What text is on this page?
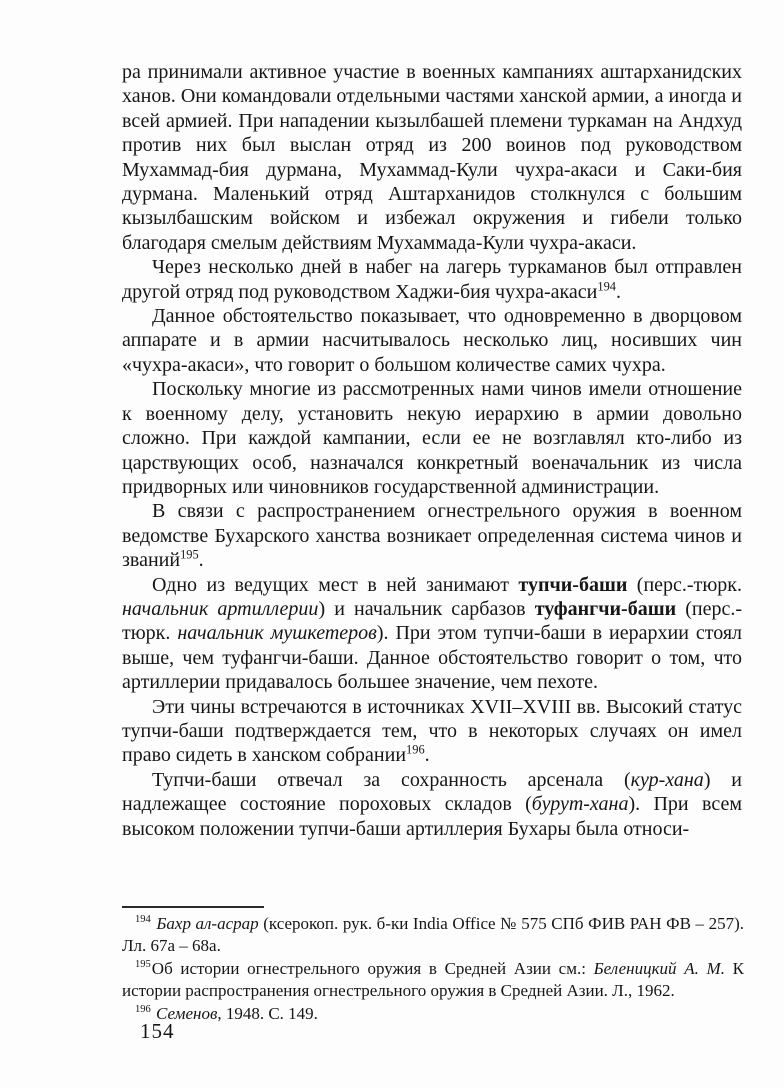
ра принимали активное участие в военных кампаниях аштарханидских ханов. Они командовали отдельными частями ханской армии, а иногда и всей армией. При нападении кызылбашей племени туркаман на Андхуд против них был выслан отряд из 200 воинов под руководством Мухаммад-бия дурмана, Мухаммад-Кули чухра-акаси и Саки-бия дурмана. Маленький отряд Аштарханидов столкнулся с большим кызылбашским войском и избежал окружения и гибели только благодаря смелым действиям Мухаммада-Кули чухра-акаси.

Через несколько дней в набег на лагерь туркаманов был отправлен другой отряд под руководством Хаджи-бия чухра-акаси$^{194}$.

Данное обстоятельство показывает, что одновременно в дворцовом аппарате и в армии насчитывалось несколько лиц, носивших чин «чухра-акаси», что говорит о большом количестве самих чухра.

Поскольку многие из рассмотренных нами чинов имели отношение к военному делу, установить некую иерархию в армии довольно сложно. При каждой кампании, если ее не возглавлял кто-либо из царствующих особ, назначался конкретный военачальник из числа придворных или чиновников государственной администрации.

В связи с распространением огнестрельного оружия в военном ведомстве Бухарского ханства возникает определенная система чинов и званий$^{195}$.

Одно из ведущих мест в ней занимают тупчи-баши (перс.-тюрк. начальник артиллерии) и начальник сарбазов туфангчи-баши (перс.-тюрк. начальник мушкетеров). При этом тупчи-баши в иерархии стоял выше, чем туфангчи-баши. Данное обстоятельство говорит о том, что артиллерии придавалось большее значение, чем пехоте.

Эти чины встречаются в источниках XVII–XVIII вв. Высокий статус тупчи-баши подтверждается тем, что в некоторых случаях он имел право сидеть в ханском собрании$^{196}$.

Тупчи-баши отвечал за сохранность арсенала (кур-хана) и надлежащее состояние пороховых складов (бурут-хана). При всем высоком положении тупчи-баши артиллерия Бухары была относи-

$^{194}$ Бахр ал-асрар (ксерокоп. рук. б-ки India Office № 575 СПб ФИВ РАН ФВ – 257). Лл. 67а – 68а.

$^{195}$Об истории огнестрельного оружия в Средней Азии см.: Беленицкий А. М. К истории распространения огнестрельного оружия в Средней Азии. Л., 1962.

$^{196}$ Семенов, 1948. С. 149.

154
